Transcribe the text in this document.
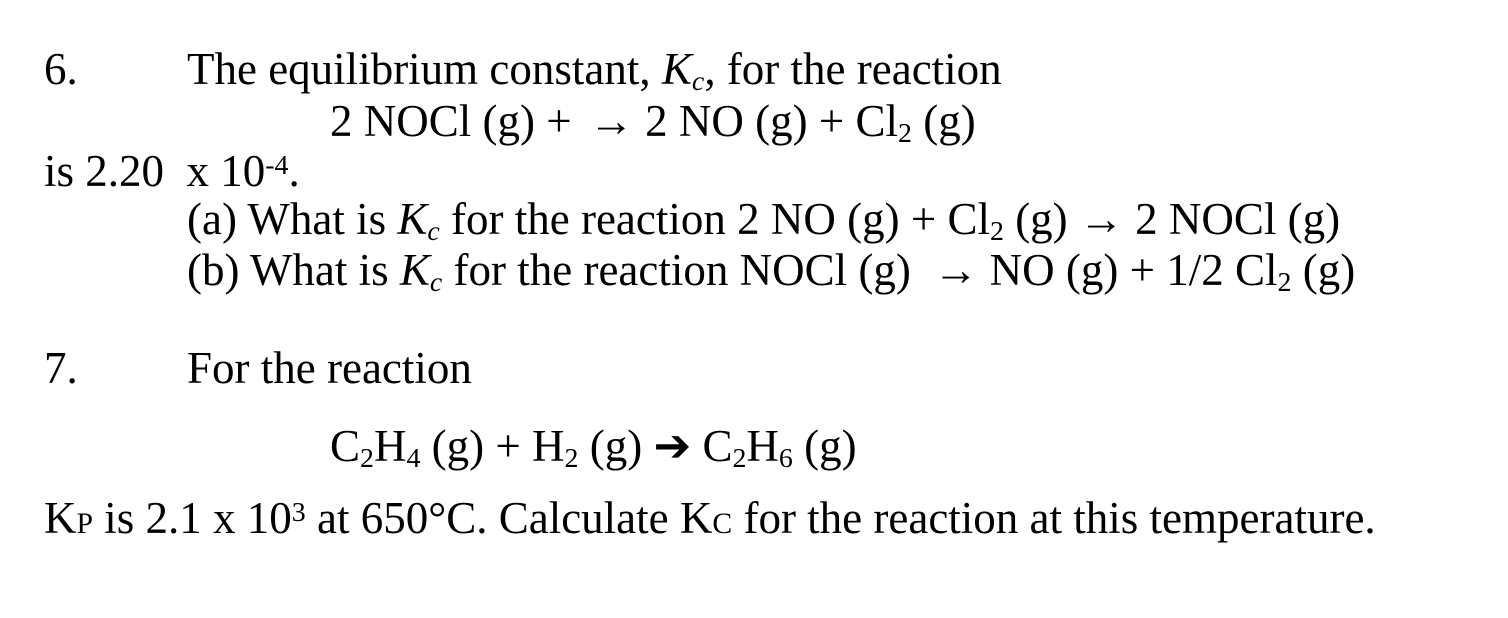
6. The equilibrium constant, $K_c$, for the reaction
2 NOCl (g) + → 2 NO $(g) + Cl_2$ (g)
is 2.20  x $10^{-4}$.
(a) What is $K_c$ for the reaction 2 NO $(g) + Cl_2$ (g) → 2 NOCl (g)
(b) What is $K_c$ for the reaction NOCl (g)  → NO (g) + 1/2 $Cl_2$ (g)
7. For the reaction
$C_2H_4$ $(g) + H_2$ (g) ➔ $C_2H_6$ (g)
KP is 2.1 x $10^3$ at 650°C. Calculate KC for the reaction at this temperature.
